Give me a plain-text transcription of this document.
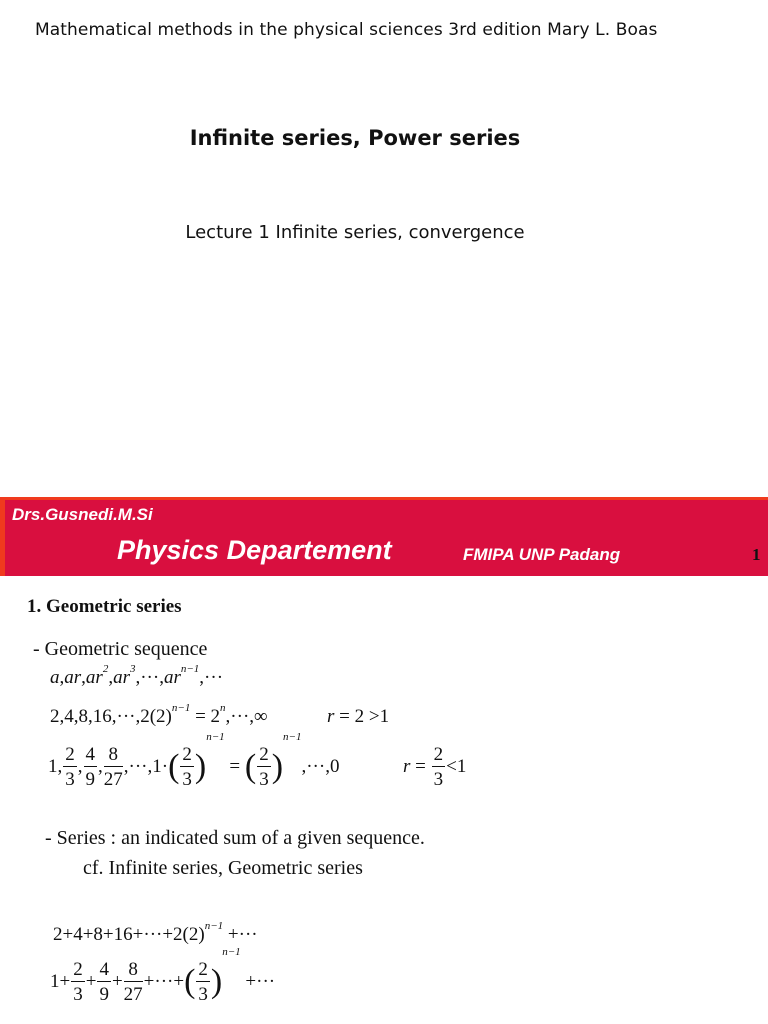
Mathematical methods in the physical sciences 3rd edition Mary L. Boas
Infinite series, Power series
Lecture 1 Infinite series, convergence
Drs.Gusnedi.M.Si
Physics Departement	FMIPA UNP Padang	1
1. Geometric series
- Geometric sequence
$a,ar,ar^2,ar^3,\cdot\cdot\cdot,ar^{n-1},\cdot\cdot\cdot$
$2,4,8,16,\cdot\cdot\cdot,2(2)^{n-1} = 2^n,\cdot\cdot\cdot,\infty$	r = 2 >1
1, $\frac{2}{3}$ , $\frac{4}{9}$ , $\frac{8}{27} ,\cdot\cdot\cdot,1\cdot( \frac{2}{3} )^{n-1}$ = ( $\frac{2}{3} )^{n-1},\cdot\cdot\cdot,0$	$r = \frac{2}{3} <1$
- Series : an indicated sum of a given sequence.
cf. Infinite series, Geometric series
$2+4+8+16+\cdot\cdot\cdot+2(2)^{n-1}$ +···
$1+ \frac{2}{3} + \frac{4}{9} + \frac{8}{27}$ +···+( $\frac{2}{3} )^{n-1}$ +···
